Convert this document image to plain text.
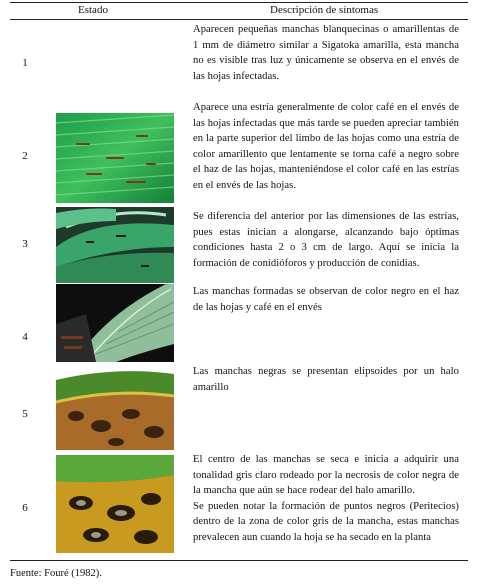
Estado	Descripción de síntomas
1

Aparecen pequeñas manchas blanquecinas o amarillentas de 1 mm de diámetro similar a Sigatoka amarilla, esta mancha no es visible tras luz y únicamente se observa en el envés de las hojas infectadas.

2

Aparece una estría generalmente de color café en el envés de las hojas infectadas que más tarde se pueden apreciar también en la parte superior del limbo de las hojas como una estría de color amarillento que lentamente se torna café a negro sobre el haz de las hojas, manteniéndose el color café en las estrías en el envés de las hojas.

3

Se diferencia del anterior por las dimensiones de las estrías, pues estas inician a alongarse, alcanzando bajo óptimas condiciones hasta 2 o 3 cm de largo. Aquí se inicia la formación de conidióforos y producción de conidias.

4

Las manchas formadas se observan de color negro en el haz de las hojas y café en el envés

5

Las manchas negras se presentan elipsoides por un halo amarillo

6

El centro de las manchas se seca e inicia a adquirir una tonalidad gris claro rodeado por la necrosis de color negra de la mancha que aún se hace rodear del halo amarillo.

Se pueden notar la formación de puntos negros (Peritecios) dentro de la zona de color gris de la mancha, estas manchas prevalecen aun cuando la hoja se ha secado en la planta

Fuente: Fouré (1982).
